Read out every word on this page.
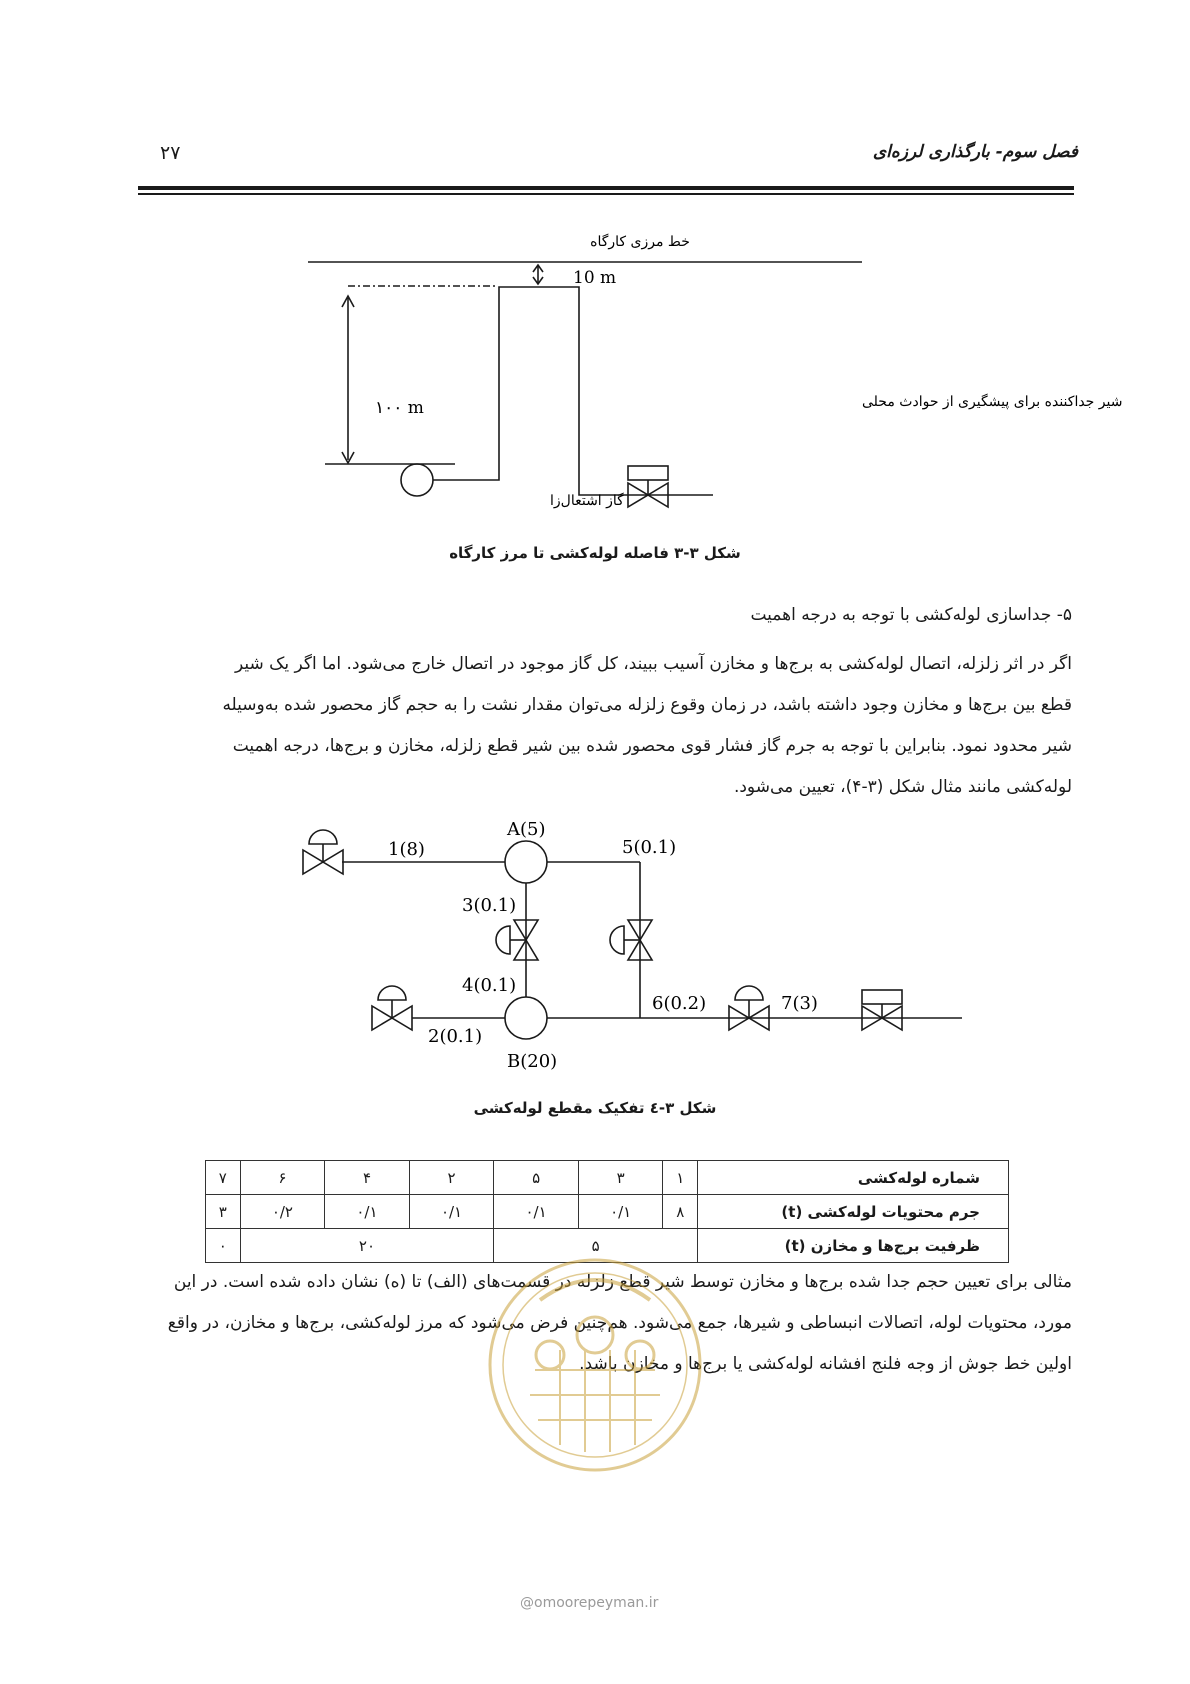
فصل سوم- بارگذاری لرزه‌ای
۲۷
خط مرزی کارگاه
10 m
۱۰۰ m	شیر جداکننده برای پیشگیری از حوادث محلی
گاز اشتعال‌زا
شکل ۳-۳ فاصله لوله‌کشی تا مرز کارگاه
۵- جداسازی لوله‌کشی با توجه به درجه اهمیت
اگر در اثر زلزله، اتصال لوله‌کشی به برج‌ها و مخازن آسیب ببیند، کل گاز موجود در اتصال خارج می‌شود. اما اگر یک شیر
قطع بین برج‌ها و مخازن وجود داشته باشد، در زمان وقوع زلزله می‌توان مقدار نشت را به حجم گاز محصور شده به‌وسیله
شیر محدود نمود. بنابراین با توجه به جرم گاز فشار قوی محصور شده بین شیر قطع زلزله، مخازن و برج‌ها، درجه اهمیت
لوله‌کشی مانند مثال شکل (۳-۴)، تعیین می‌شود.
A(5)
B(20)
1(8)
2(0.1)
3(0.1)
4(0.1)
5(0.1)
6(0.2)	7(3)
شکل ۳-٤ تفکیک مقطع لوله‌کشی
شماره لوله‌کشی	۱	۳	۵	۲	۴	۶	۷
جرم محتویات لوله‌کشی (t)	۸	۰/۱	۰/۱	۰/۱	۰/۱	۰/۲	۳
ظرفیت برج‌ها و مخازن (t)	۵			۲۰			۰
مثالی برای تعیین حجم جدا شده برج‌ها و مخازن توسط شیر قطع زلزله در قسمت‌های (الف) تا (ه) نشان داده شده است. در این
مورد، محتویات لوله، اتصالات انبساطی و شیرها، جمع می‌شود. هم‌چنین فرض می‌شود که مرز لوله‌کشی، برج‌ها و مخازن، در واقع
اولین خط جوش از وجه فلنج افشانه لوله‌کشی یا برج‌ها و مخازن باشد.
@omoorepeyman.ir
